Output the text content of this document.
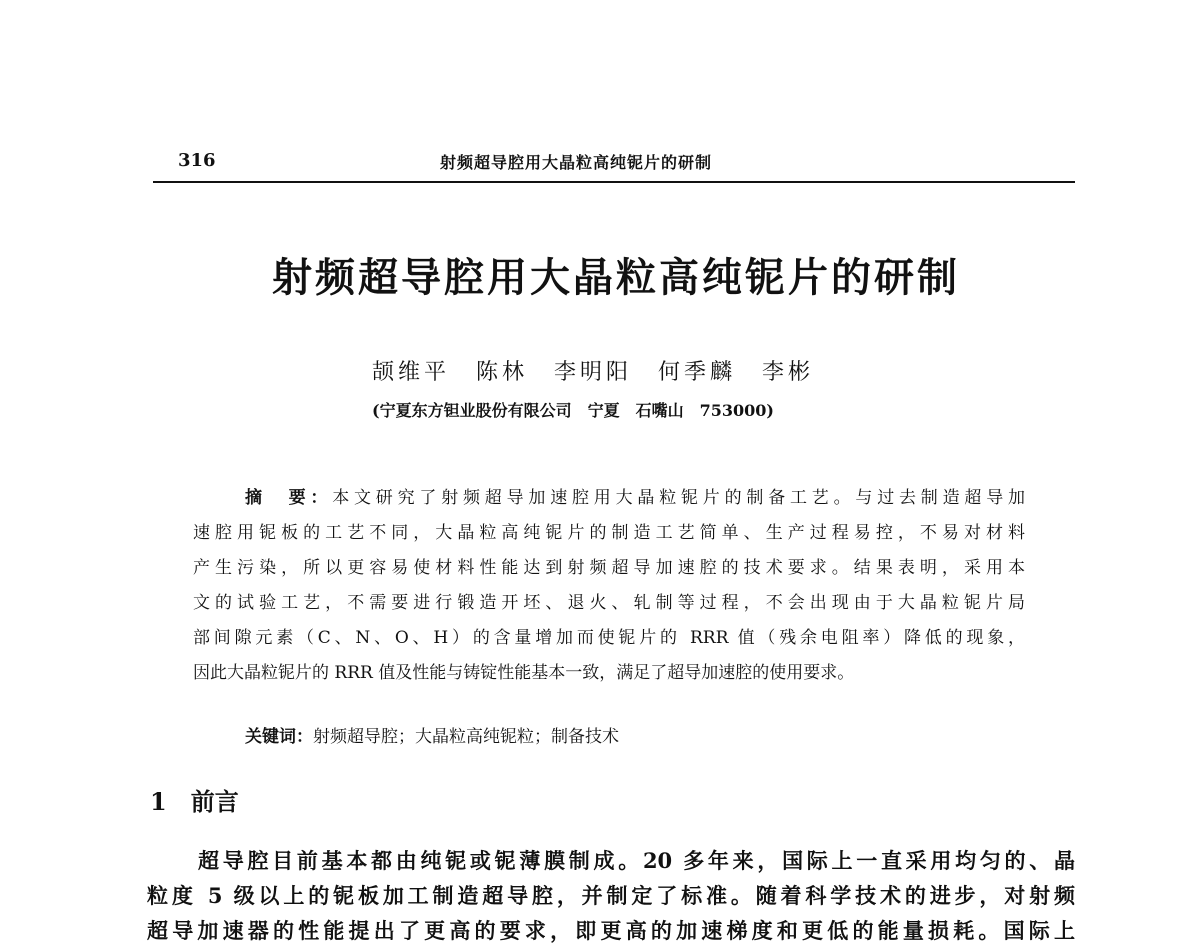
316	射频超导腔用大晶粒高纯铌片的研制
射频超导腔用大晶粒高纯铌片的研制
颉维平　陈林　李明阳　何季麟　李彬
(宁夏东方钽业股份有限公司　宁夏　石嘴山　753000)
摘　要：本文研究了射频超导加速腔用大晶粒铌片的制备工艺。与过去制造超导加
速腔用铌板的工艺不同，大晶粒高纯铌片的制造工艺简单、生产过程易控，不易对材料
产生污染，所以更容易使材料性能达到射频超导加速腔的技术要求。结果表明，采用本
文的试验工艺，不需要进行锻造开坯、退火、轧制等过程，不会出现由于大晶粒铌片局
部间隙元素（C、N、O、H）的含量增加而使铌片的 RRR 值（残余电阻率）降低的现象，
因此大晶粒铌片的 RRR 值及性能与铸锭性能基本一致，满足了超导加速腔的使用要求。
关键词：射频超导腔；大晶粒高纯铌粒；制备技术
1　前言
超导腔目前基本都由纯铌或铌薄膜制成。20 多年来，国际上一直采用均匀的、晶
粒度 5 级以上的铌板加工制造超导腔，并制定了标准。随着科学技术的进步，对射频
超导加速器的性能提出了更高的要求，即更高的加速梯度和更低的能量损耗。国际上
